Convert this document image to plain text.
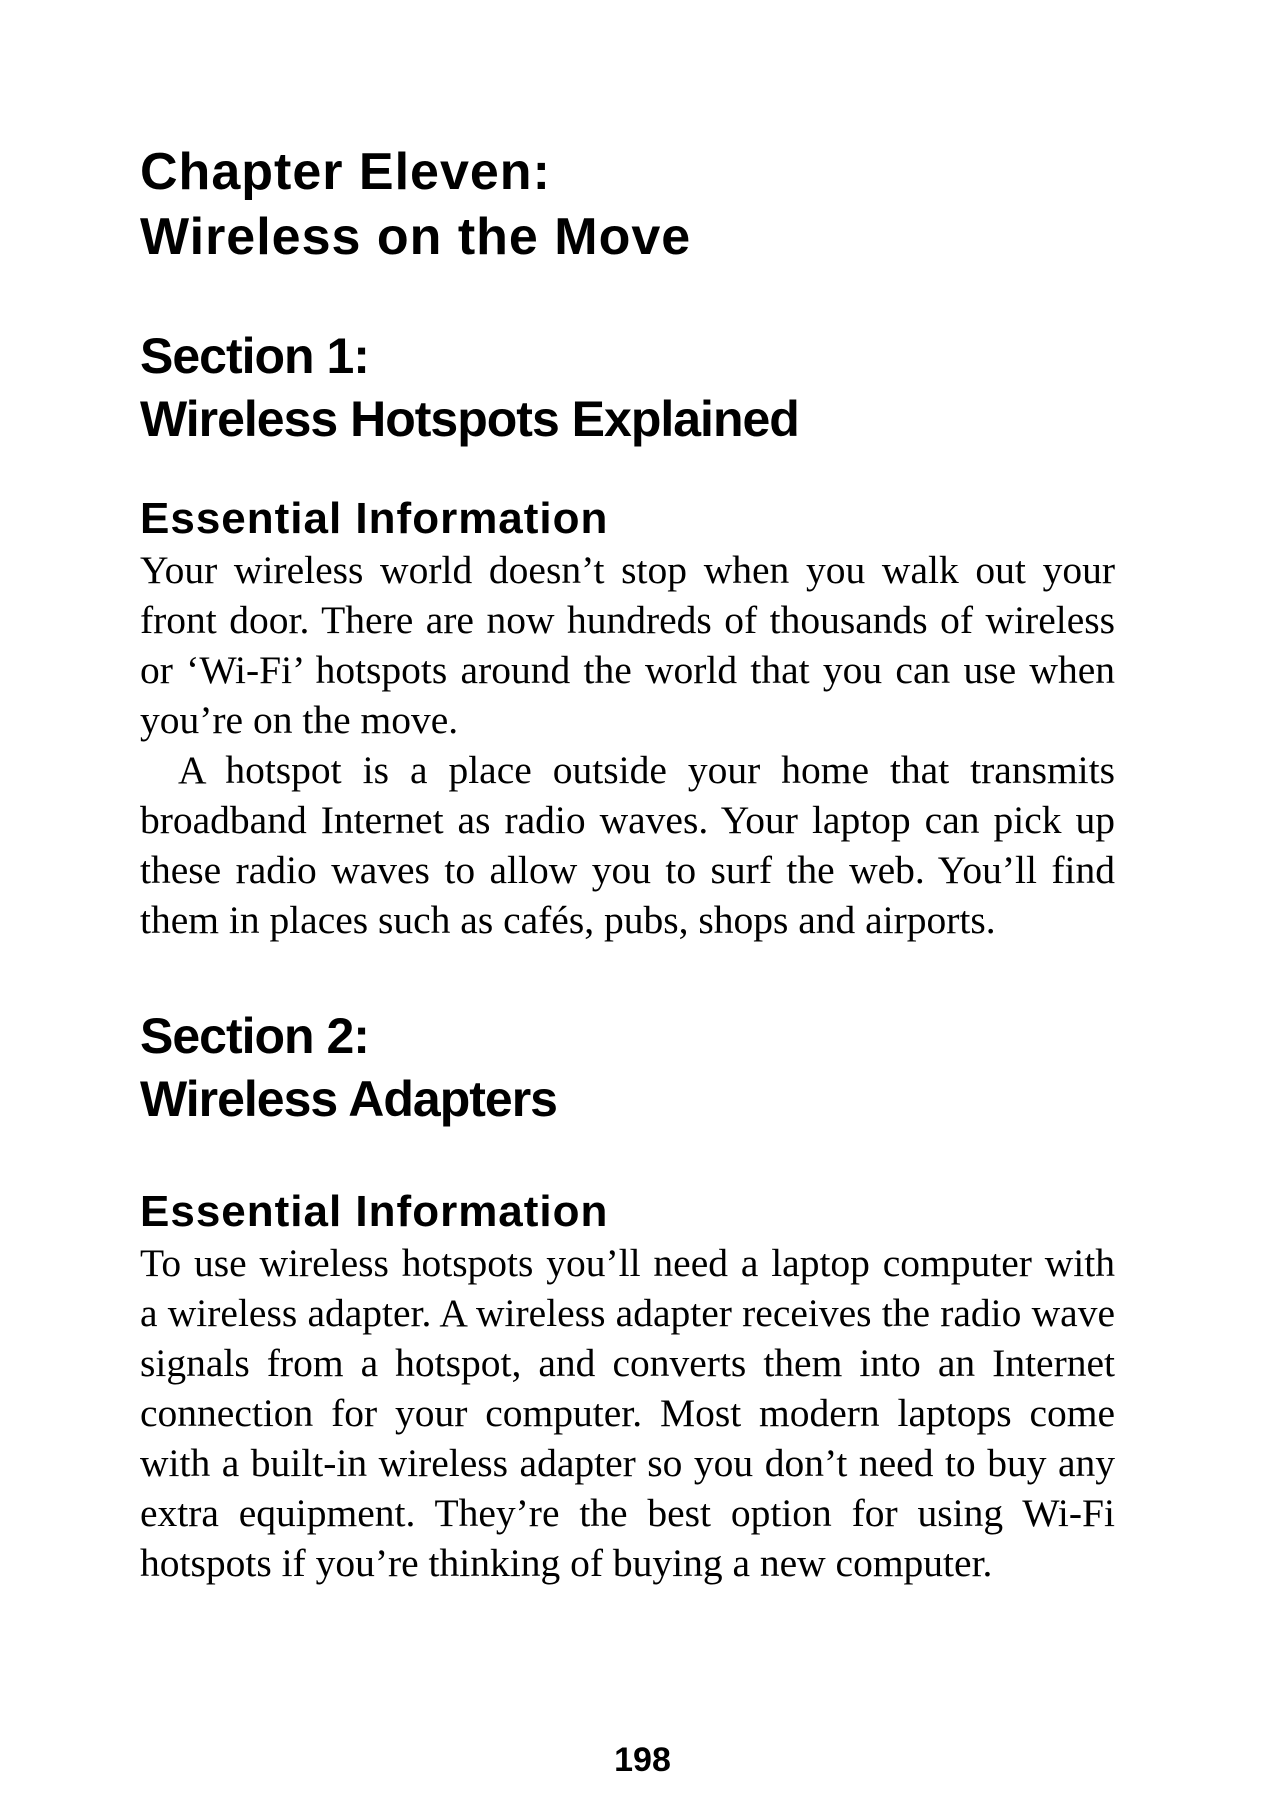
Chapter Eleven:
Wireless on the Move
Section 1:
Wireless Hotspots Explained
Essential Information

Your wireless world doesn’t stop when you walk out your front door. There are now hundreds of thousands of wireless or ‘Wi-Fi’ hotspots around the world that you can use when you’re on the move.

A hotspot is a place outside your home that transmits broadband Internet as radio waves. Your laptop can pick up these radio waves to allow you to surf the web. You’ll find them in places such as cafés, pubs, shops and airports.

Section 2:
Wireless Adapters
Essential Information

To use wireless hotspots you’ll need a laptop computer with a wireless adapter. A wireless adapter receives the radio wave signals from a hotspot, and converts them into an Internet connection for your computer. Most modern laptops come with a built-in wireless adapter so you don’t need to buy any extra equipment. They’re the best option for using Wi-Fi hotspots if you’re thinking of buying a new computer.

198
